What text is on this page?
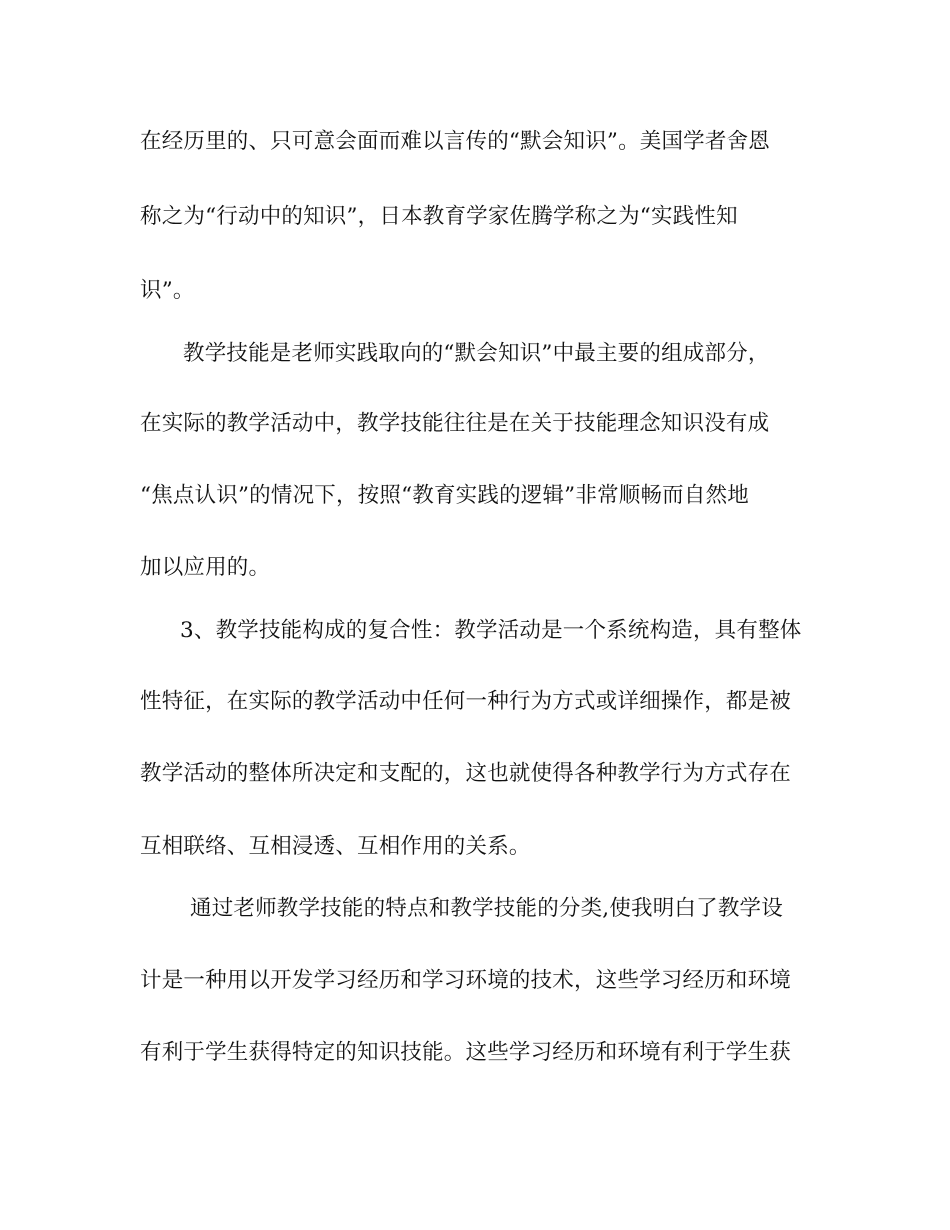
在经历里的、只可意会面而难以言传的“默会知识”。美国学者舍恩
称之为“行动中的知识”，日本教育学家佐腾学称之为“实践性知
识”。
教学技能是老师实践取向的“默会知识”中最主要的组成部分，
在实际的教学活动中，教学技能往往是在关于技能理念知识没有成
“焦点认识”的情况下，按照“教育实践的逻辑”非常顺畅而自然地
加以应用的。
3、教学技能构成的复合性：教学活动是一个系统构造，具有整体
性特征，在实际的教学活动中任何一种行为方式或详细操作，都是被
教学活动的整体所决定和支配的，这也就使得各种教学行为方式存在
互相联络、互相浸透、互相作用的关系。
通过老师教学技能的特点和教学技能的分类,使我明白了教学设
计是一种用以开发学习经历和学习环境的技术，这些学习经历和环境
有利于学生获得特定的知识技能。这些学习经历和环境有利于学生获
